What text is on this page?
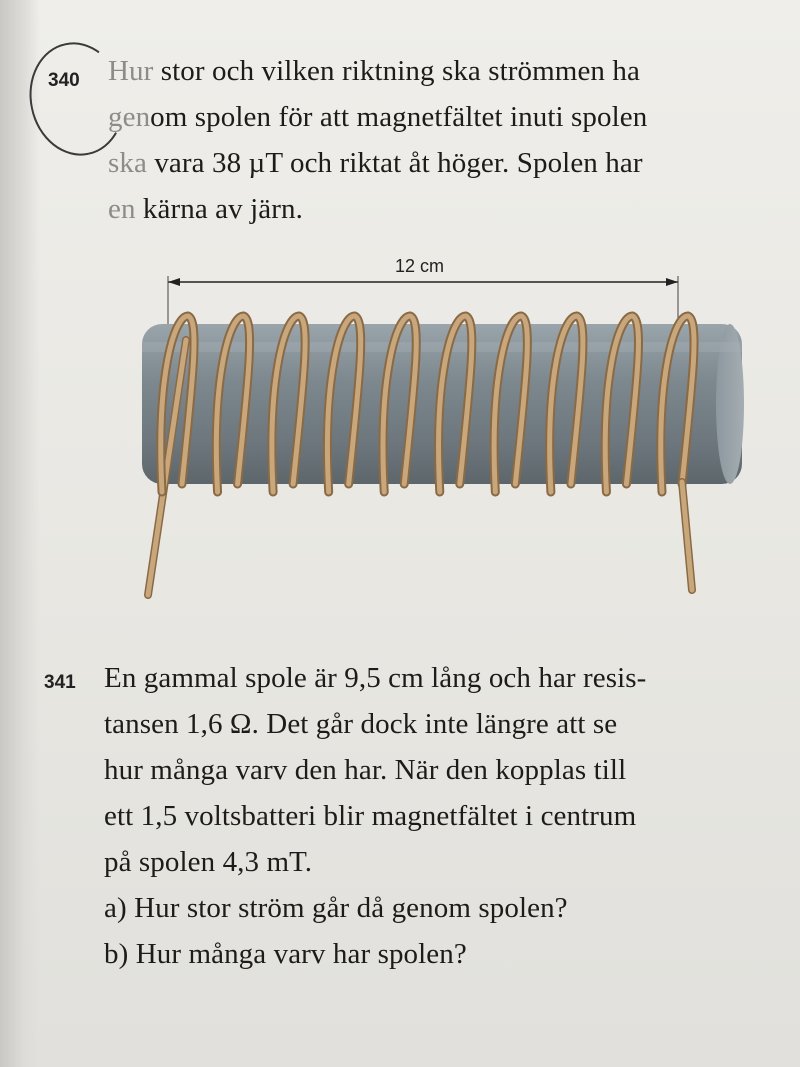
340 Hur stor och vilken riktning ska strömmen ha
genom spolen för att magnetfältet inuti spolen
ska vara 38 µT och riktat åt höger. Spolen har
en kärna av järn.
12 cm
341 En gammal spole är 9,5 cm lång och har resis-
tansen 1,6 Ω. Det går dock inte längre att se
hur många varv den har. När den kopplas till
ett 1,5 voltsbatteri blir magnetfältet i centrum
på spolen 4,3 mT.
a) Hur stor ström går då genom spolen?
b) Hur många varv har spolen?
